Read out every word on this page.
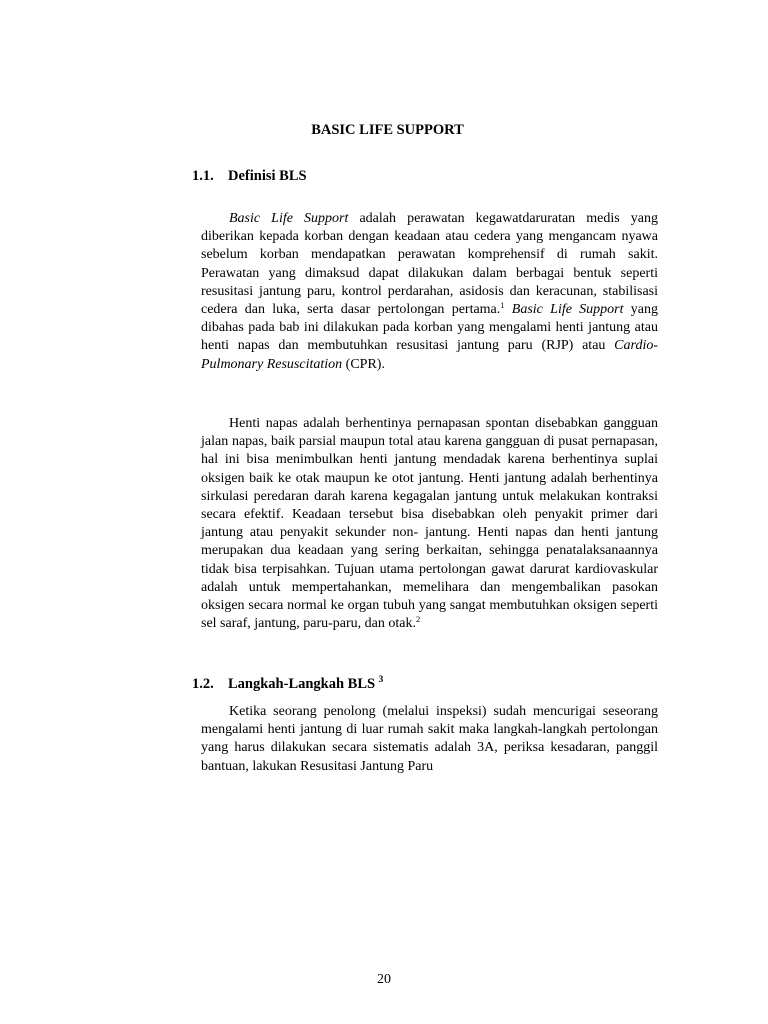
BASIC LIFE SUPPORT
1.1. Definisi BLS

Basic Life Support adalah perawatan kegawatdaruratan medis yang diberikan kepada korban dengan keadaan atau cedera yang mengancam nyawa sebelum korban mendapatkan perawatan komprehensif di rumah sakit. Perawatan yang dimaksud dapat dilakukan dalam berbagai bentuk seperti resusitasi jantung paru, kontrol perdarahan, asidosis dan keracunan, stabilisasi cedera dan luka, serta dasar pertolongan pertama.$^1$ Basic Life Support yang dibahas pada bab ini dilakukan pada korban yang mengalami henti jantung atau henti napas dan membutuhkan resusitasi jantung paru (RJP) atau Cardio-Pulmonary Resuscitation (CPR).

Henti napas adalah berhentinya pernapasan spontan disebabkan gangguan jalan napas, baik parsial maupun total atau karena gangguan di pusat pernapasan, hal ini bisa menimbulkan henti jantung mendadak karena berhentinya suplai oksigen baik ke otak maupun ke otot jantung. Henti jantung adalah berhentinya sirkulasi peredaran darah karena kegagalan jantung untuk melakukan kontraksi secara efektif. Keadaan tersebut bisa disebabkan oleh penyakit primer dari jantung atau penyakit sekunder non- jantung. Henti napas dan henti jantung merupakan dua keadaan yang sering berkaitan, sehingga penatalaksanaannya tidak bisa terpisahkan. Tujuan utama pertolongan gawat darurat kardiovaskular adalah untuk mempertahankan, memelihara dan mengembalikan pasokan oksigen secara normal ke organ tubuh yang sangat membutuhkan oksigen seperti sel saraf, jantung, paru-paru, dan otak.$^2$

1.2. Langkah-Langkah BLS $^3$

Ketika seorang penolong (melalui inspeksi) sudah mencurigai seseorang mengalami henti jantung di luar rumah sakit maka langkah-langkah pertolongan yang harus dilakukan secara sistematis adalah 3A, periksa kesadaran, panggil bantuan, lakukan Resusitasi Jantung Paru

20
